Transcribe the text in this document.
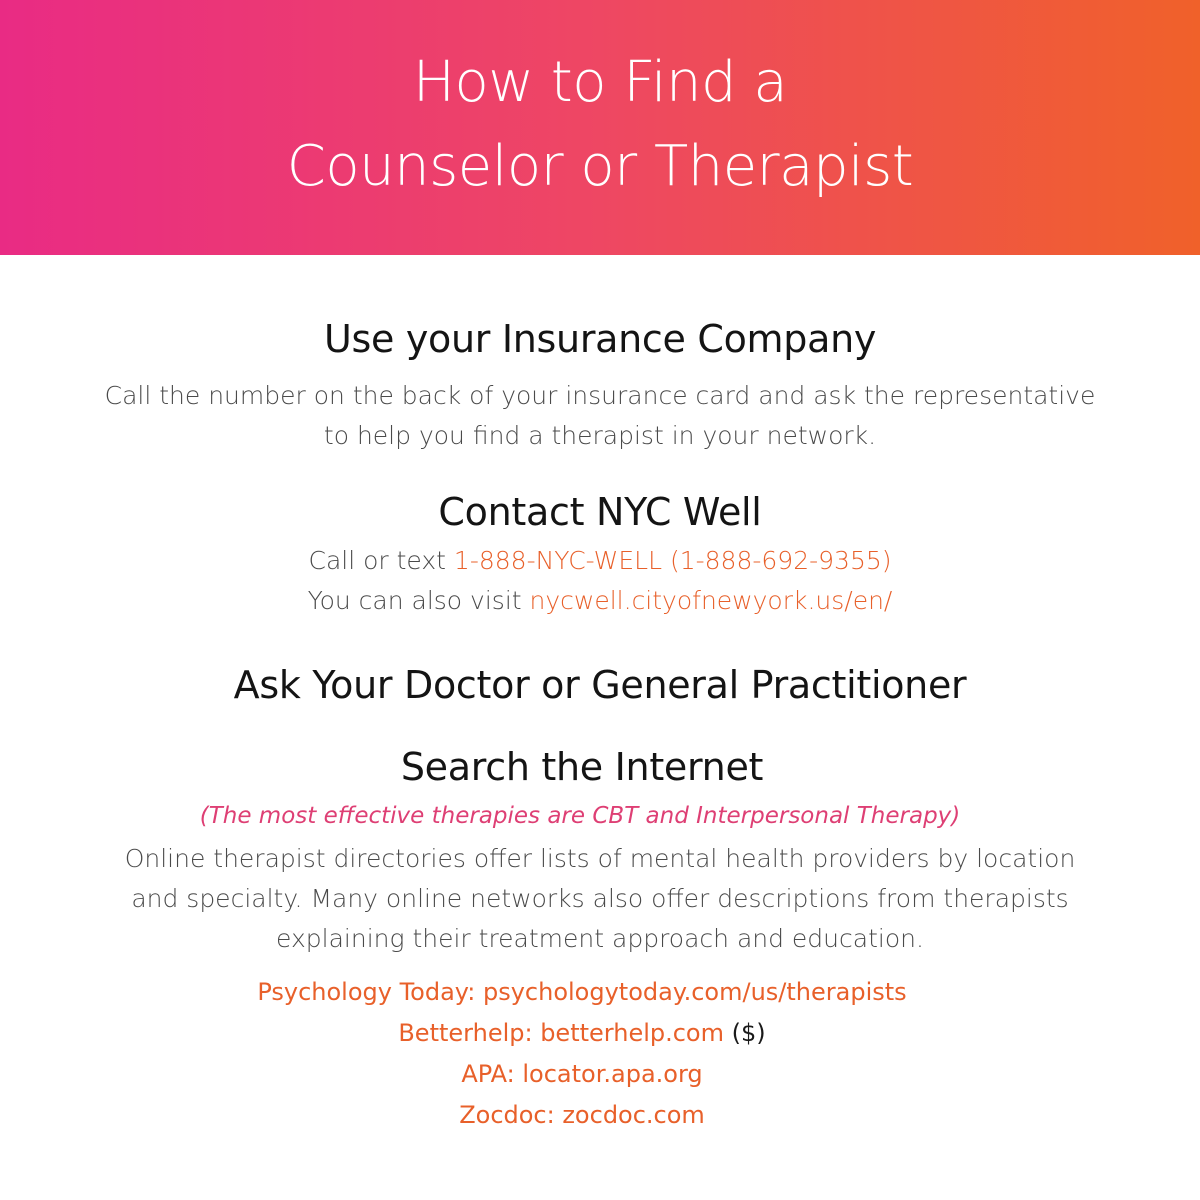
How to Find a
Counselor or Therapist
Use your Insurance Company
Call the number on the back of your insurance card and ask the representative
to help you find a therapist in your network.
Contact NYC Well
Call or text 1-888-NYC-WELL (1-888-692-9355)
You can also visit nycwell.cityofnewyork.us/en/
Ask Your Doctor or General Practitioner
Search the Internet
(The most effective therapies are CBT and Interpersonal Therapy)
Online therapist directories offer lists of mental health providers by location
and specialty. Many online networks also offer descriptions from therapists
explaining their treatment approach and education.
Psychology Today: psychologytoday.com/us/therapists
Betterhelp: betterhelp.com ($)
APA: locator.apa.org
Zocdoc: zocdoc.com
